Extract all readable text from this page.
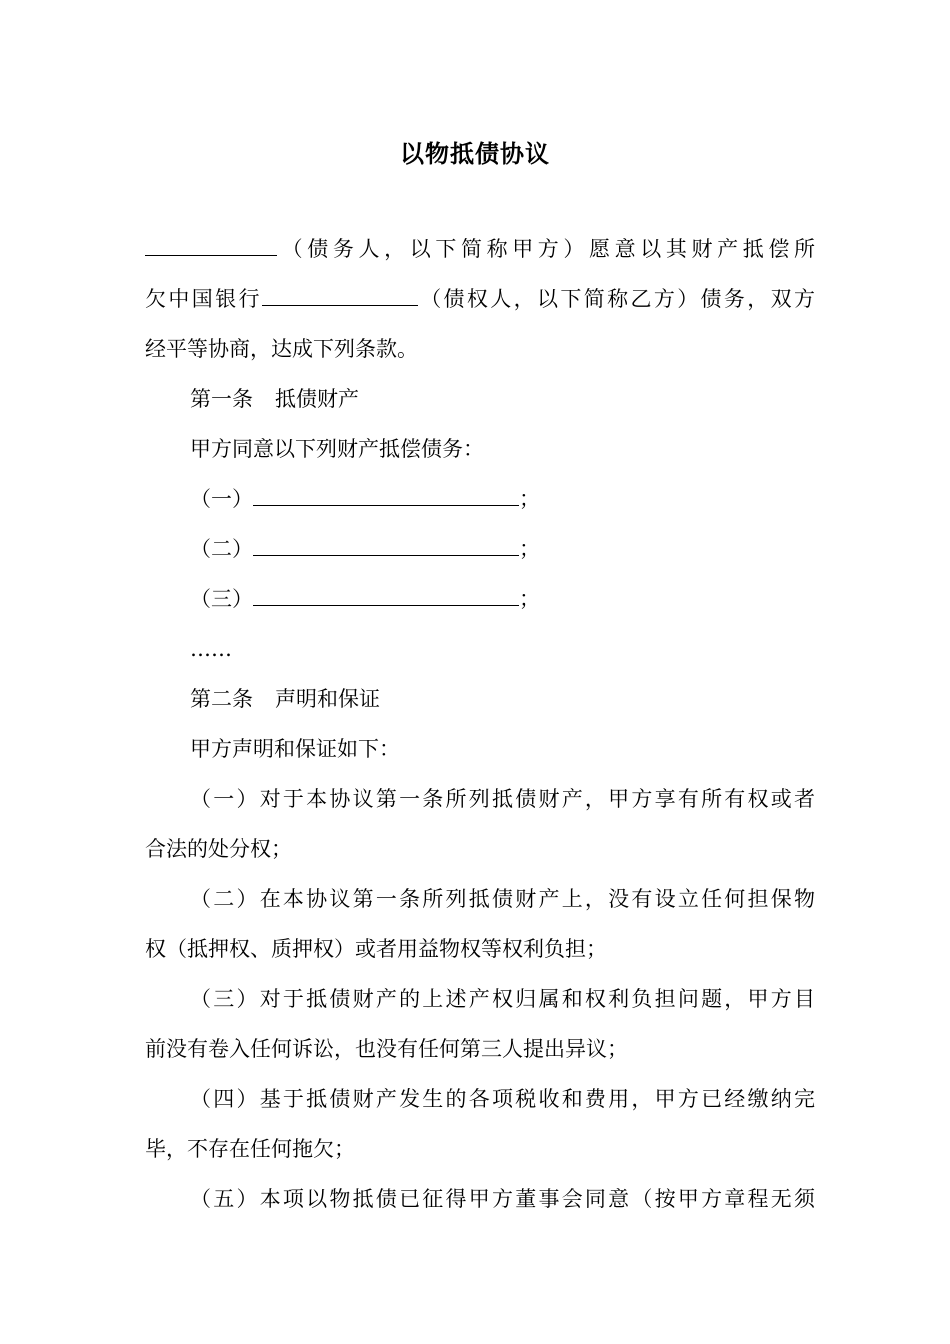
以物抵债协议
（债务人，以下简称甲方）愿意以其财产抵偿所
欠中国银行	（债权人，以下简称乙方）债务，双方
经平等协商，达成下列条款。
第一条 抵债财产
甲方同意以下列财产抵偿债务：
（一）	；
（二）	；
（三）	；
……
第二条 声明和保证
甲方声明和保证如下：
（一）对于本协议第一条所列抵债财产，甲方享有所有权或者
合法的处分权；
（二）在本协议第一条所列抵债财产上，没有设立任何担保物
权（抵押权、质押权）或者用益物权等权利负担；
（三）对于抵债财产的上述产权归属和权利负担问题，甲方目
前没有卷入任何诉讼，也没有任何第三人提出异议；
（四）基于抵债财产发生的各项税收和费用，甲方已经缴纳完
毕，不存在任何拖欠；
（五）本项以物抵债已征得甲方董事会同意（按甲方章程无须
